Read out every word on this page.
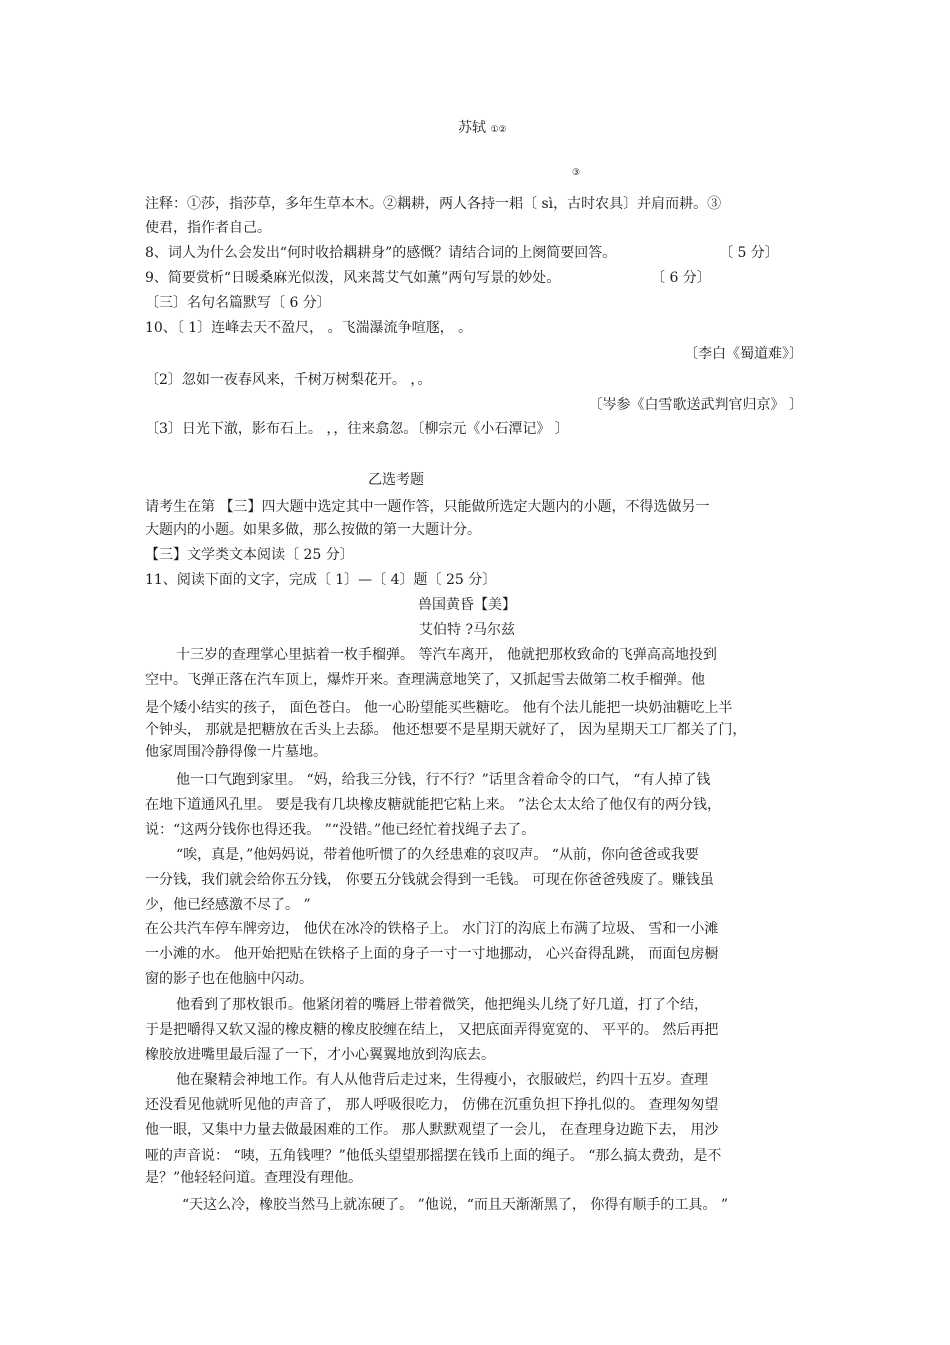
苏轼 ①②
③
注释：①莎，指莎草，多年生草本木。②耦耕，两人各持一耜〔 sì，古时农具〕并肩而耕。③
使君，指作者自己。
8、词人为什么会发出“何时收拾耦耕身”的感慨？请结合词的上阕简要回答。	〔 5 分〕
9、简要赏析“日暖桑麻光似泼，风来蒿艾气如薰”两句写景的妙处。	〔 6 分〕
〔三〕名句名篇默写〔 6 分〕
10、〔 1〕连峰去天不盈尺， 。飞湍瀑流争喧豗， 。
〔李白《蜀道难》〕
〔2〕忽如一夜春风来，千树万树梨花开。 ，。
〔岑参《白雪歌送武判官归京》 〕
〔3〕日光下澈，影布石上。 ，，往来翕忽。〔柳宗元《小石潭记》 〕
乙选考题
请考生在第 【三】四大题中选定其中一题作答，只能做所选定大题内的小题，不得选做另一
大题内的小题。如果多做，那么按做的第一大题计分。
【三】文学类文本阅读〔 25 分〕
11、阅读下面的文字，完成〔 1〕—〔 4〕题〔 25 分〕
兽国黄昏【美】
艾伯特 ?马尔兹
十三岁的查理掌心里掂着一枚手榴弹。 等汽车离开， 他就把那枚致命的飞弹高高地投到
空中。飞弹正落在汽车顶上，爆炸开来。查理满意地笑了，又抓起雪去做第二枚手榴弹。他
是个矮小结实的孩子， 面色苍白。 他一心盼望能买些糖吃。 他有个法儿能把一块奶油糖吃上半
个钟头， 那就是把糖放在舌头上去舔。 他还想要不是星期天就好了， 因为星期天工厂都关了门，
他家周围冷静得像一片墓地。
他一口气跑到家里。 “妈，给我三分钱，行不行？”话里含着命令的口气， “有人掉了钱
在地下道通风孔里。 要是我有几块橡皮糖就能把它粘上来。 ”法仑太太给了他仅有的两分钱，
说：“这两分钱你也得还我。 ”“没错。”他已经忙着找绳子去了。
“唉，真是，”他妈妈说，带着他听惯了的久经患难的哀叹声。 “从前，你向爸爸或我要
一分钱，我们就会给你五分钱， 你要五分钱就会得到一毛钱。 可现在你爸爸残废了。赚钱虽
少，他已经感激不尽了。 ”
在公共汽车停车牌旁边， 他伏在冰冷的铁格子上。 水门汀的沟底上布满了垃圾、 雪和一小滩
一小滩的水。 他开始把贴在铁格子上面的身子一寸一寸地挪动， 心兴奋得乱跳， 而面包房橱
窗的影子也在他脑中闪动。
他看到了那枚银币。他紧闭着的嘴唇上带着微笑，他把绳头儿绕了好几道，打了个结，
于是把嚼得又软又湿的橡皮糖的橡皮胶缠在结上， 又把底面弄得宽宽的、 平平的。 然后再把
橡胶放进嘴里最后湿了一下，才小心翼翼地放到沟底去。
他在聚精会神地工作。有人从他背后走过来，生得瘦小，衣服破烂，约四十五岁。查理
还没看见他就听见他的声音了， 那人呼吸很吃力， 仿佛在沉重负担下挣扎似的。 查理匆匆望
他一眼，又集中力量去做最困难的工作。 那人默默观望了一会儿， 在查理身边跪下去， 用沙
哑的声音说： “咦，五角钱哩？”他低头望望那摇摆在钱币上面的绳子。 “那么搞太费劲，是不
是？”他轻轻问道。查理没有理他。
“天这么冷，橡胶当然马上就冻硬了。 ”他说，“而且天渐渐黑了， 你得有顺手的工具。 ”
